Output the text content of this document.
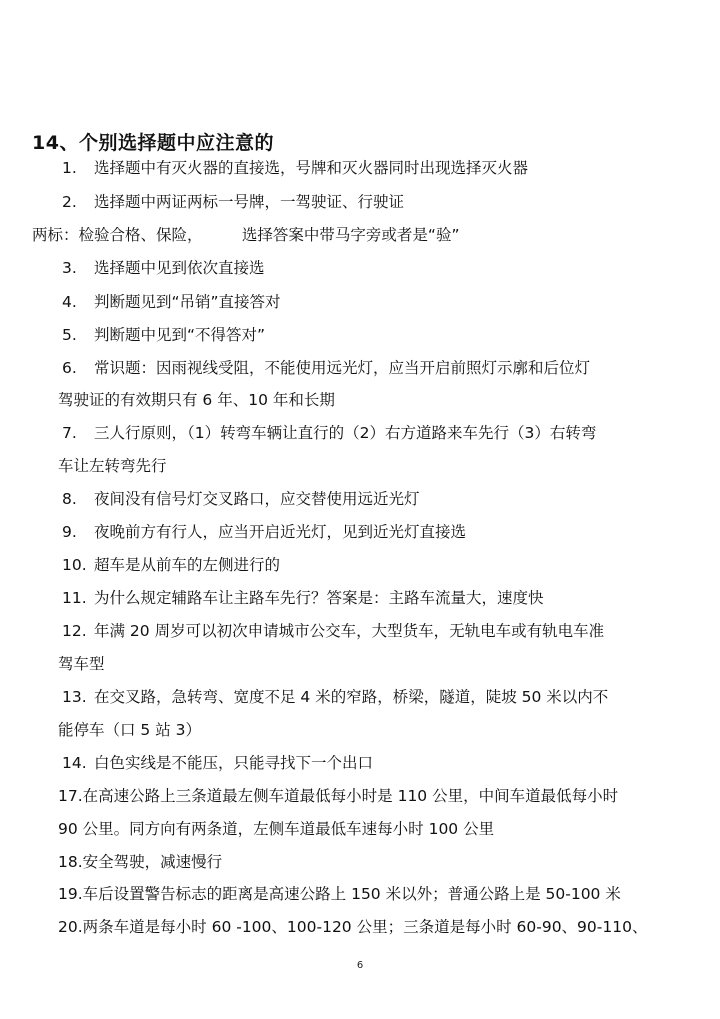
14、个别选择题中应注意的
1. 选择题中有灭火器的直接选，号牌和灭火器同时出现选择灭火器
2. 选择题中两证两标一号牌，一驾驶证、行驶证
两标：检验合格、保险，        选择答案中带马字旁或者是“验”
3. 选择题中见到依次直接选
4. 判断题见到“吊销”直接答对
5. 判断题中见到“不得答对”
6. 常识题：因雨视线受阻，不能使用远光灯，应当开启前照灯示廓和后位灯
驾驶证的有效期只有 6 年、10 年和长期
7. 三人行原则，（1）转弯车辆让直行的（2）右方道路来车先行（3）右转弯
车让左转弯先行
8. 夜间没有信号灯交叉路口，应交替使用远近光灯
9. 夜晚前方有行人，应当开启近光灯，见到近光灯直接选
10. 超车是从前车的左侧进行的
11. 为什么规定辅路车让主路车先行？答案是：主路车流量大，速度快
12. 年满 20 周岁可以初次申请城市公交车，大型货车，无轨电车或有轨电车准
驾车型
13. 在交叉路，急转弯、宽度不足 4 米的窄路，桥梁，隧道，陡坡 50 米以内不
能停车（口 5 站 3）
14. 白色实线是不能压，只能寻找下一个出口
17.在高速公路上三条道最左侧车道最低每小时是 110 公里，中间车道最低每小时
90 公里。同方向有两条道，左侧车道最低车速每小时 100 公里
18.安全驾驶，减速慢行
19.车后设置警告标志的距离是高速公路上 150 米以外；普通公路上是 50-100 米
20.两条车道是每小时 60 -100、100-120 公里；三条道是每小时 60-90、90-110、
6
